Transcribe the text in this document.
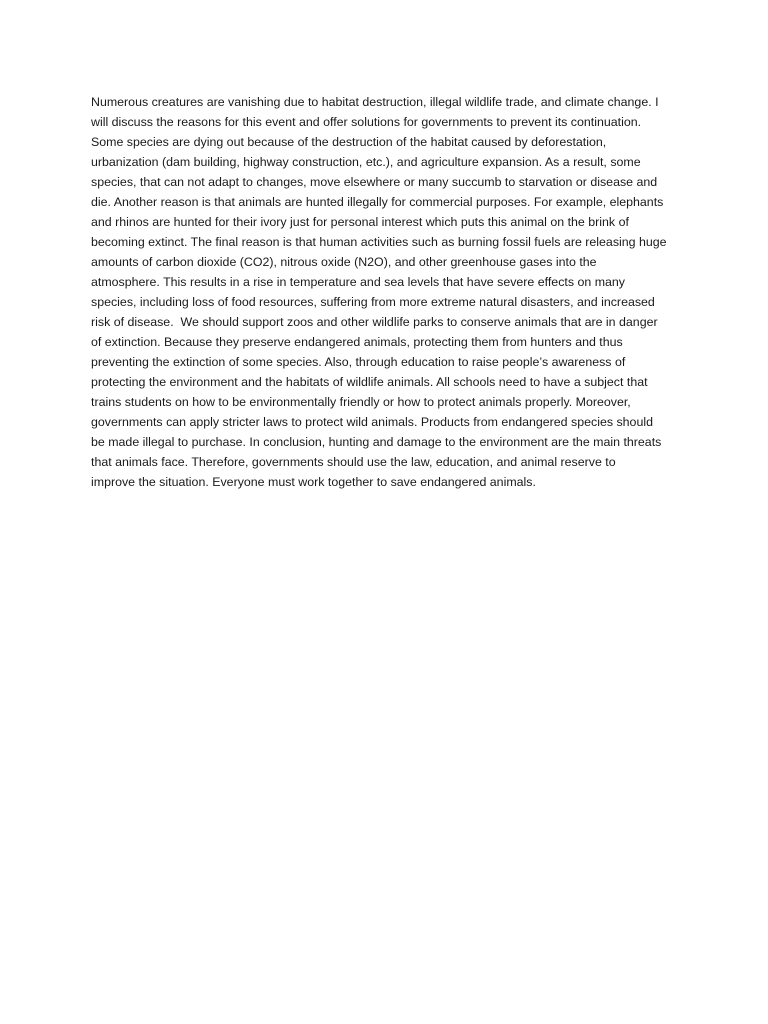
Numerous creatures are vanishing due to habitat destruction, illegal wildlife trade, and climate change. I
will discuss the reasons for this event and offer solutions for governments to prevent its continuation.
Some species are dying out because of the destruction of the habitat caused by deforestation,
urbanization (dam building, highway construction, etc.), and agriculture expansion. As a result, some
species, that can not adapt to changes, move elsewhere or many succumb to starvation or disease and
die. Another reason is that animals are hunted illegally for commercial purposes. For example, elephants
and rhinos are hunted for their ivory just for personal interest which puts this animal on the brink of
becoming extinct. The final reason is that human activities such as burning fossil fuels are releasing huge
amounts of carbon dioxide (CO2), nitrous oxide (N2O), and other greenhouse gases into the
atmosphere. This results in a rise in temperature and sea levels that have severe effects on many
species, including loss of food resources, suffering from more extreme natural disasters, and increased
risk of disease.  We should support zoos and other wildlife parks to conserve animals that are in danger
of extinction. Because they preserve endangered animals, protecting them from hunters and thus
preventing the extinction of some species. Also, through education to raise people’s awareness of
protecting the environment and the habitats of wildlife animals. All schools need to have a subject that
trains students on how to be environmentally friendly or how to protect animals properly. Moreover,
governments can apply stricter laws to protect wild animals. Products from endangered species should
be made illegal to purchase. In conclusion, hunting and damage to the environment are the main threats
that animals face. Therefore, governments should use the law, education, and animal reserve to
improve the situation. Everyone must work together to save endangered animals.
